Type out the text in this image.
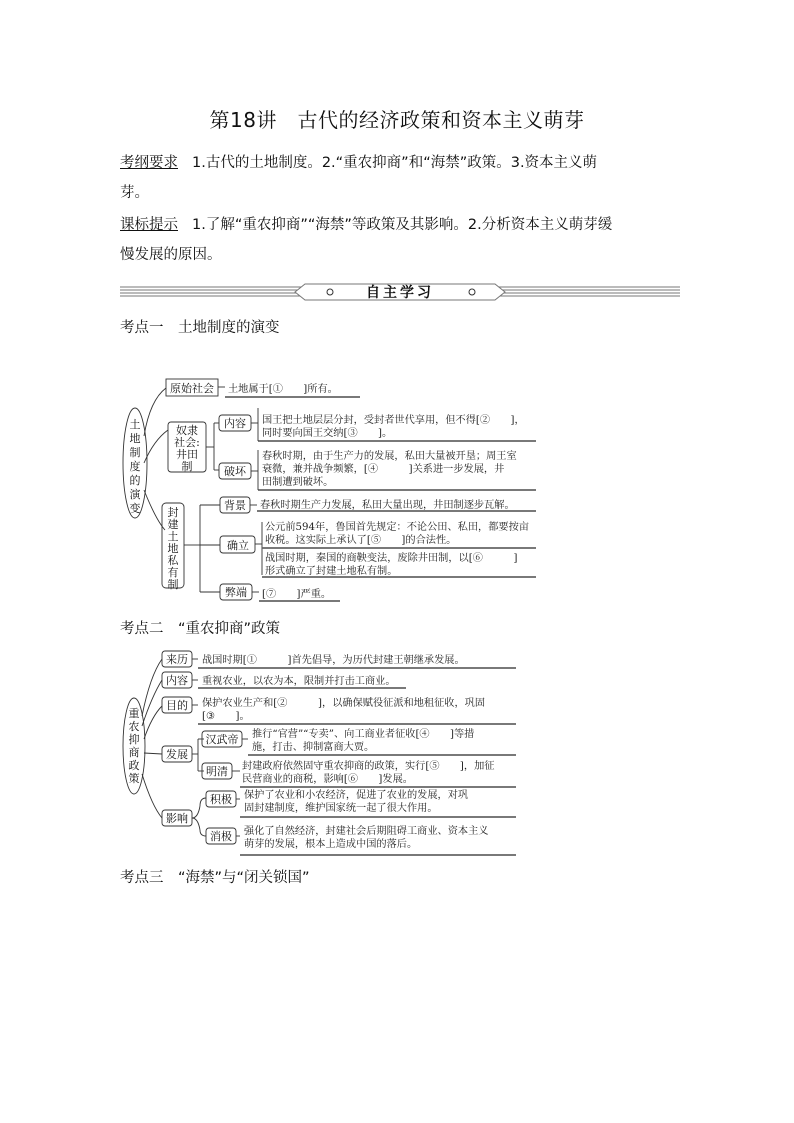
第18讲　古代的经济政策和资本主义萌芽
考纲要求 1.古代的土地制度。2.“重农抑商”和“海禁”政策。3.资本主义萌
芽。
课标提示 1.了解“重农抑商”“海禁”等政策及其影响。2.分析资本主义萌芽缓
慢发展的原因。
自主学习
考点一　土地制度的演变
土
地
制
度
的
演
变
原始社会 土地属于[①　　]所有。
奴隶
社会:
井田
制
内容 国王把土地层层分封，受封者世代享用，但不得[②　　]，
同时要向国王交纳[③　　]。
破坏
春秋时期，由于生产力的发展，私田大量被开垦；周王室
衰微，兼并战争频繁，[④　　　]关系进一步发展，井
田制遭到破坏。
封
建
土
地
私
有
制
背景 春秋时期生产力发展，私田大量出现，井田制逐步瓦解。
确立
公元前594年，鲁国首先规定：不论公田、私田，都要按亩
收税。这实际上承认了[⑤　　]的合法性。
战国时期，秦国的商鞅变法，废除井田制，以[⑥　　　]
形式确立了封建土地私有制。
弊端 [⑦　　]严重。
考点二　“重农抑商”政策
重
农
抑
商
政
策
来历 战国时期[①　　　]首先倡导，为历代封建王朝继承发展。
内容 重视农业，以农为本，限制并打击工商业。
目的 保护农业生产和[②　　　]，以确保赋役征派和地租征收，巩固
[③　　]。
发展
汉武帝 推行“官营”“专卖”、向工商业者征收[④　　]等措
施，打击、抑制富商大贾。
明清 封建政府依然固守重农抑商的政策，实行[⑤　　]，加征
民营商业的商税，影响[⑥　　]发展。
影响
积极 保护了农业和小农经济，促进了农业的发展，对巩
固封建制度，维护国家统一起了很大作用。
消极 强化了自然经济，封建社会后期阻碍工商业、资本主义
萌芽的发展，根本上造成中国的落后。
考点三　“海禁”与“闭关锁国”
